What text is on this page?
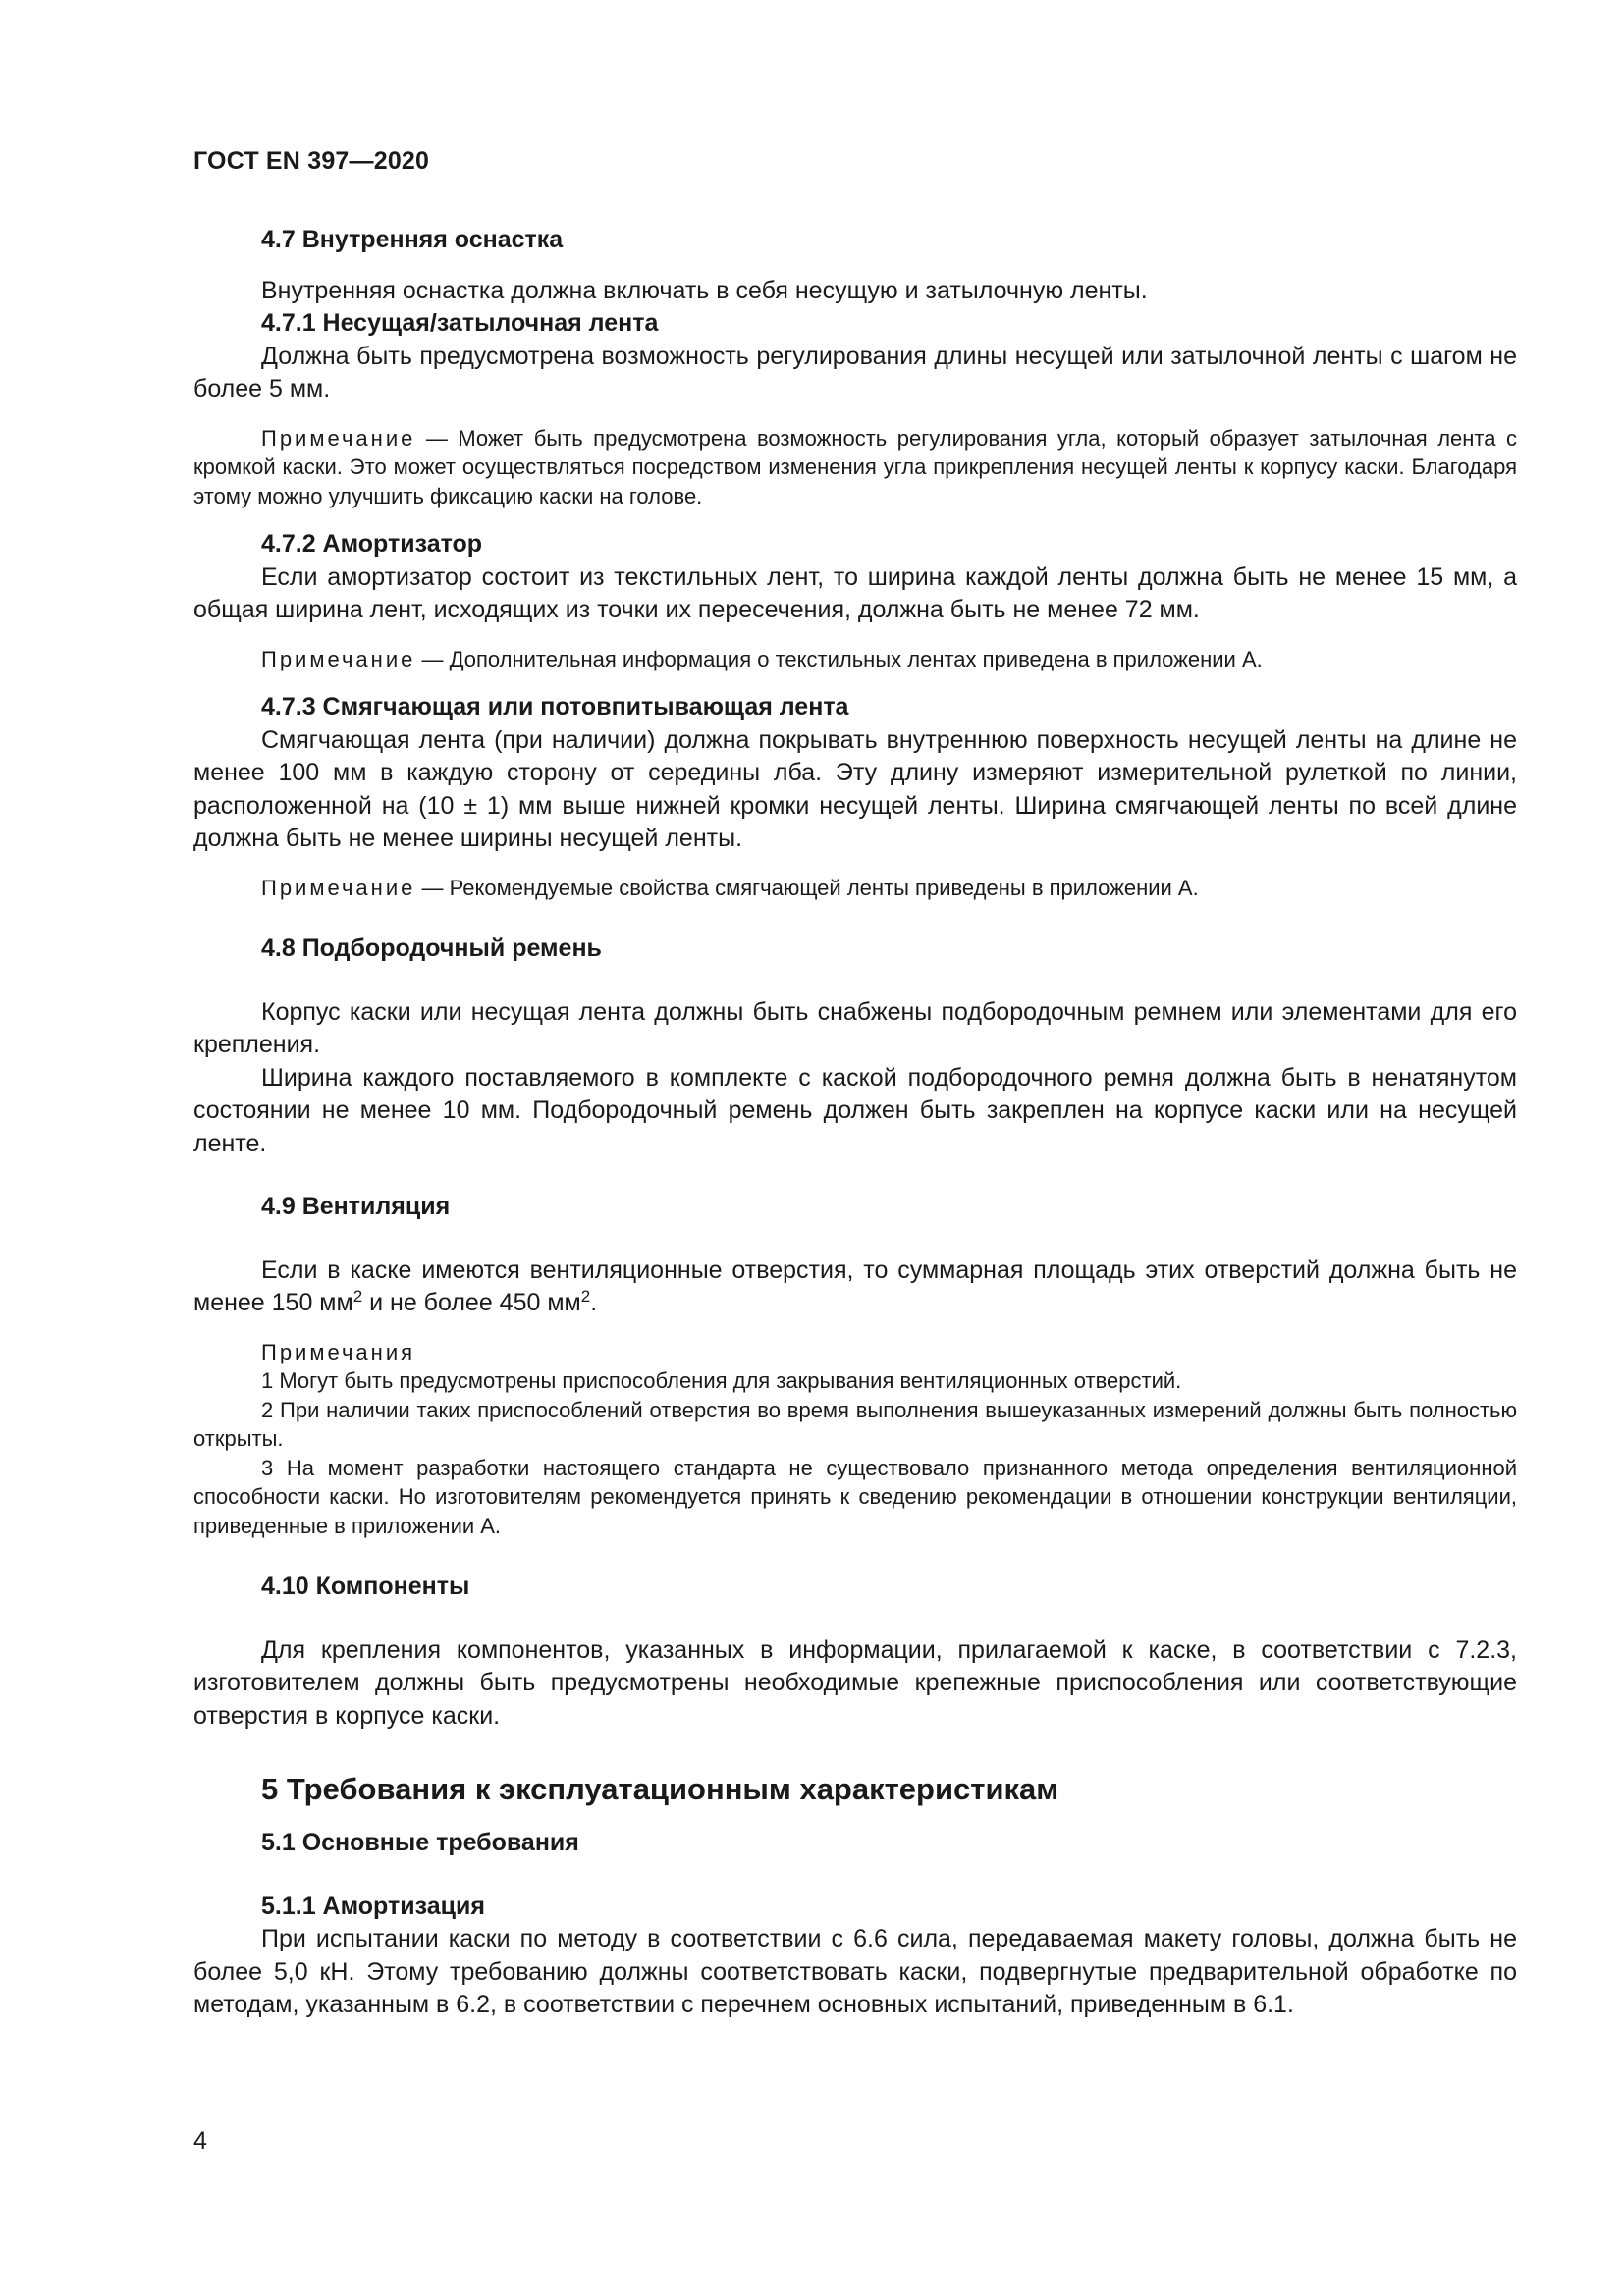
ГОСТ EN 397—2020
4.7 Внутренняя оснастка

Внутренняя оснастка должна включать в себя несущую и затылочную ленты.

4.7.1 Несущая/затылочная лента

Должна быть предусмотрена возможность регулирования длины несущей или затылочной ленты с шагом не более 5 мм.

Примечание — Может быть предусмотрена возможность регулирования угла, который образует затылочная лента с кромкой каски. Это может осуществляться посредством изменения угла прикрепления несущей ленты к корпусу каски. Благодаря этому можно улучшить фиксацию каски на голове.

4.7.2 Амортизатор

Если амортизатор состоит из текстильных лент, то ширина каждой ленты должна быть не менее 15 мм, а общая ширина лент, исходящих из точки их пересечения, должна быть не менее 72 мм.

Примечание — Дополнительная информация о текстильных лентах приведена в приложении А.

4.7.3 Смягчающая или потовпитывающая лента

Смягчающая лента (при наличии) должна покрывать внутреннюю поверхность несущей ленты на длине не менее 100 мм в каждую сторону от середины лба. Эту длину измеряют измерительной рулеткой по линии, расположенной на (10 ± 1) мм выше нижней кромки несущей ленты. Ширина смягчающей ленты по всей длине должна быть не менее ширины несущей ленты.

Примечание — Рекомендуемые свойства смягчающей ленты приведены в приложении А.

4.8 Подбородочный ремень

Корпус каски или несущая лента должны быть снабжены подбородочным ремнем или элементами для его крепления.

Ширина каждого поставляемого в комплекте с каской подбородочного ремня должна быть в ненатянутом состоянии не менее 10 мм. Подбородочный ремень должен быть закреплен на корпусе каски или на несущей ленте.

4.9 Вентиляция

Если в каске имеются вентиляционные отверстия, то суммарная площадь этих отверстий должна быть не менее 150 $мм^2$ и не более 450 $мм^2$.

Примечания

1 Могут быть предусмотрены приспособления для закрывания вентиляционных отверстий.

2 При наличии таких приспособлений отверстия во время выполнения вышеуказанных измерений должны быть полностью открыты.

3 На момент разработки настоящего стандарта не существовало признанного метода определения вентиляционной способности каски. Но изготовителям рекомендуется принять к сведению рекомендации в отношении конструкции вентиляции, приведенные в приложении А.

4.10 Компоненты

Для крепления компонентов, указанных в информации, прилагаемой к каске, в соответствии с 7.2.3, изготовителем должны быть предусмотрены необходимые крепежные приспособления или соответствующие отверстия в корпусе каски.

5 Требования к эксплуатационным характеристикам
5.1 Основные требования
5.1.1 Амортизация

При испытании каски по методу в соответствии с 6.6 сила, передаваемая макету головы, должна быть не более 5,0 кН. Этому требованию должны соответствовать каски, подвергнутые предварительной обработке по методам, указанным в 6.2, в соответствии с перечнем основных испытаний, приведенным в 6.1.

4
